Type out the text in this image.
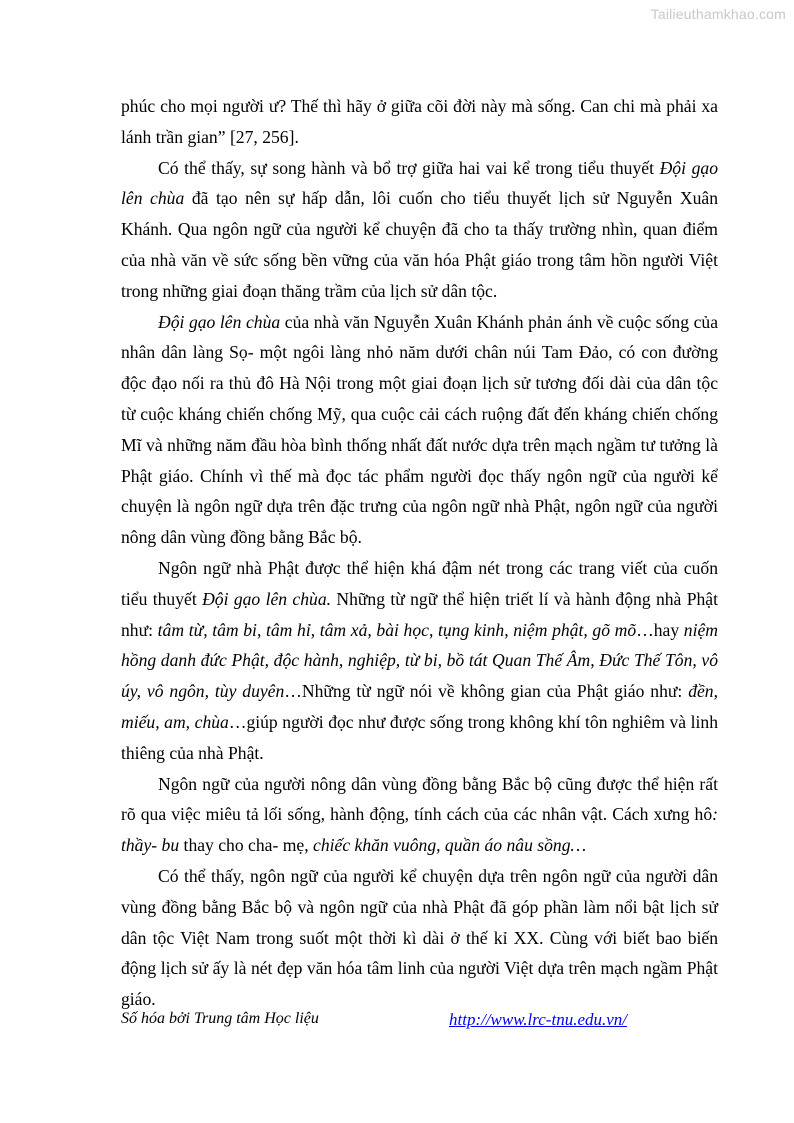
Tailieuthamkhao.com

phúc cho mọi người ư? Thế thì hãy ở giữa cõi đời này mà sống. Can chi mà phải xa lánh trần gian” [27, 256].

Có thể thấy, sự song hành và bổ trợ giữa hai vai kể trong tiểu thuyết Đội gạo lên chùa đã tạo nên sự hấp dẫn, lôi cuốn cho tiểu thuyết lịch sử Nguyễn Xuân Khánh. Qua ngôn ngữ của người kể chuyện đã cho ta thấy trường nhìn, quan điểm của nhà văn về sức sống bền vững của văn hóa Phật giáo trong tâm hồn người Việt trong những giai đoạn thăng trầm của lịch sử dân tộc.

Đội gạo lên chùa của nhà văn Nguyễn Xuân Khánh phản ánh về cuộc sống của nhân dân làng Sọ- một ngôi làng nhỏ năm dưới chân núi Tam Đảo, có con đường độc đạo nối ra thủ đô Hà Nội trong một giai đoạn lịch sử tương đối dài của dân tộc từ cuộc kháng chiến chống Mỹ, qua cuộc cải cách ruộng đất đến kháng chiến chống Mĩ và những năm đầu hòa bình thống nhất đất nước dựa trên mạch ngầm tư tưởng là Phật giáo. Chính vì thế mà đọc tác phẩm người đọc thấy ngôn ngữ của người kể chuyện là ngôn ngữ dựa trên đặc trưng của ngôn ngữ nhà Phật, ngôn ngữ của người nông dân vùng đồng bằng Bắc bộ.

Ngôn ngữ nhà Phật được thể hiện khá đậm nét trong các trang viết của cuốn tiểu thuyết Đội gạo lên chùa. Những từ ngữ thể hiện triết lí và hành động nhà Phật như: tâm từ, tâm bi, tâm hỉ, tâm xả, bài học, tụng kinh, niệm phật, gõ mõ…hay niệm hồng danh đức Phật, độc hành, nghiệp, từ bi, bồ tát Quan Thế Âm, Đức Thế Tôn, vô úy, vô ngôn, tùy duyên…Những từ ngữ nói về không gian của Phật giáo như: đền, miếu, am, chùa…giúp người đọc như được sống trong không khí tôn nghiêm và linh thiêng của nhà Phật.

Ngôn ngữ của người nông dân vùng đồng bằng Bắc bộ cũng được thể hiện rất rõ qua việc miêu tả lối sống, hành động, tính cách của các nhân vật. Cách xưng hô: thầy- bu thay cho cha- mẹ, chiếc khăn vuông, quần áo nâu sồng…

Có thể thấy, ngôn ngữ của người kể chuyện dựa trên ngôn ngữ của người dân vùng đồng bằng Bắc bộ và ngôn ngữ của nhà Phật đã góp phần làm nổi bật lịch sử dân tộc Việt Nam trong suốt một thời kì dài ở thế kỉ XX. Cùng với biết bao biến động lịch sử ấy là nét đẹp văn hóa tâm linh của người Việt dựa trên mạch ngầm Phật giáo.

Số hóa bởi Trung tâm Học liệu	http://www.lrc-tnu.edu.vn/
